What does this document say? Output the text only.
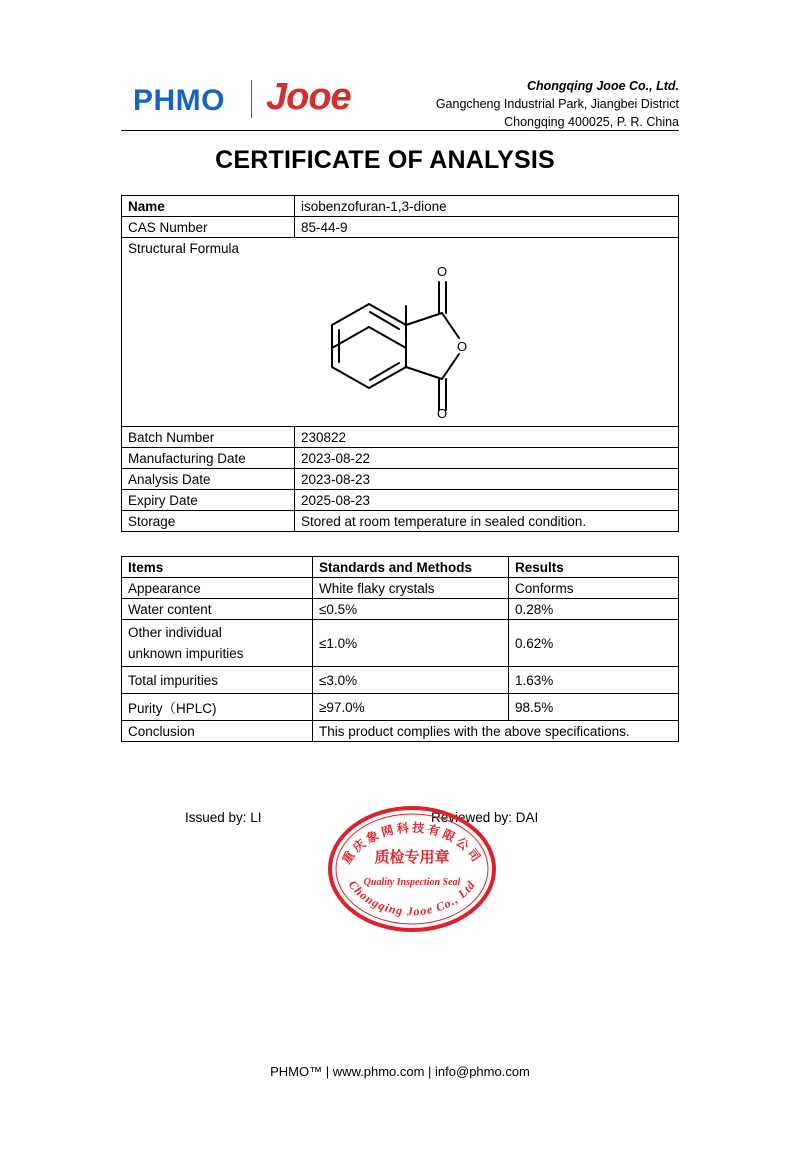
PHMO Jooe	Chongqing Jooe Co., Ltd.
Gangcheng Industrial Park, Jiangbei District
Chongqing 400025, P. R. China
CERTIFICATE OF ANALYSIS
Name	isobenzofuran-1,3-dione
CAS Number	85-44-9
Structural Formula
O
O
O	

Batch Number	230822
Manufacturing Date	2023-08-22
Analysis Date	2023-08-23
Expiry Date	2025-08-23
Storage	Stored at room temperature in sealed condition.
Items	Standards and Methods	Results
Appearance	White flaky crystals	Conforms
Water content	≤0.5%	0.28%

Other individual
unknown impurities	≤1.0%	0.62%
Total impurities	≤3.0%	1.63%
Purity（HPLC)	≥97.0%	98.5%
Conclusion	This product complies with the above specifications.	
Issued by: LI	Reviewed by: DAI
重庆象网科技有限公司
质检专用章
Quality Inspection Seal
Chongqing Jooe Co., Ltd
PHMO™ | www.phmo.com | info@phmo.com
